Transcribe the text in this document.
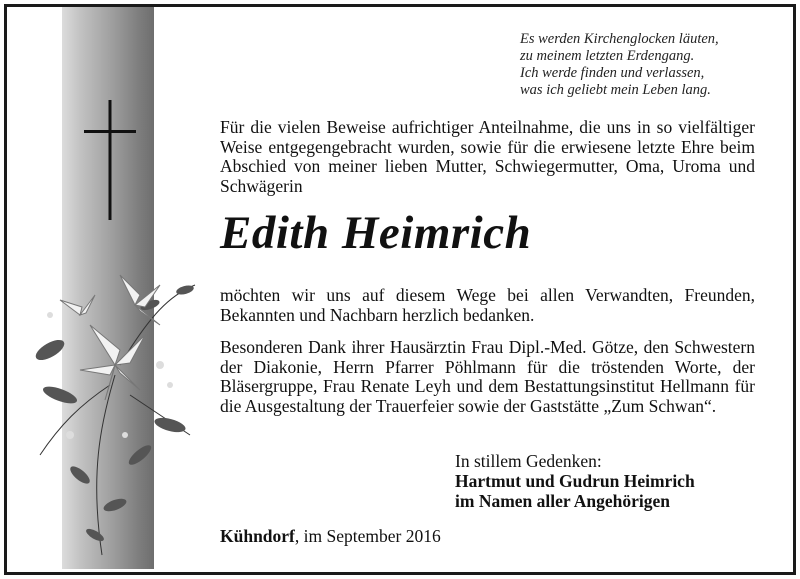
Es werden Kirchenglocken läuten,
zu meinem letzten Erdengang.
Ich werde finden und verlassen,
was ich geliebt mein Leben lang.
Für die vielen Beweise aufrichtiger Anteilnahme, die uns in so vielfältiger Weise entgegengebracht wurden, sowie für die erwiesene letzte Ehre beim Abschied von meiner lieben Mutter, Schwiegermutter, Oma, Uroma und Schwägerin
Edith Heimrich
möchten wir uns auf diesem Wege bei allen Verwandten, Freunden, Bekannten und Nachbarn herzlich bedanken.
Besonderen Dank ihrer Hausärztin Frau Dipl.-Med. Götze, den Schwestern der Diakonie, Herrn Pfarrer Pöhlmann für die tröstenden Worte, der Bläsergruppe, Frau Renate Leyh und dem Bestattungsinstitut Hellmann für die Ausgestaltung der Trauerfeier sowie der Gaststätte „Zum Schwan“.
In stillem Gedenken:
Hartmut und Gudrun Heimrich
im Namen aller Angehörigen
Kühndorf, im September 2016
